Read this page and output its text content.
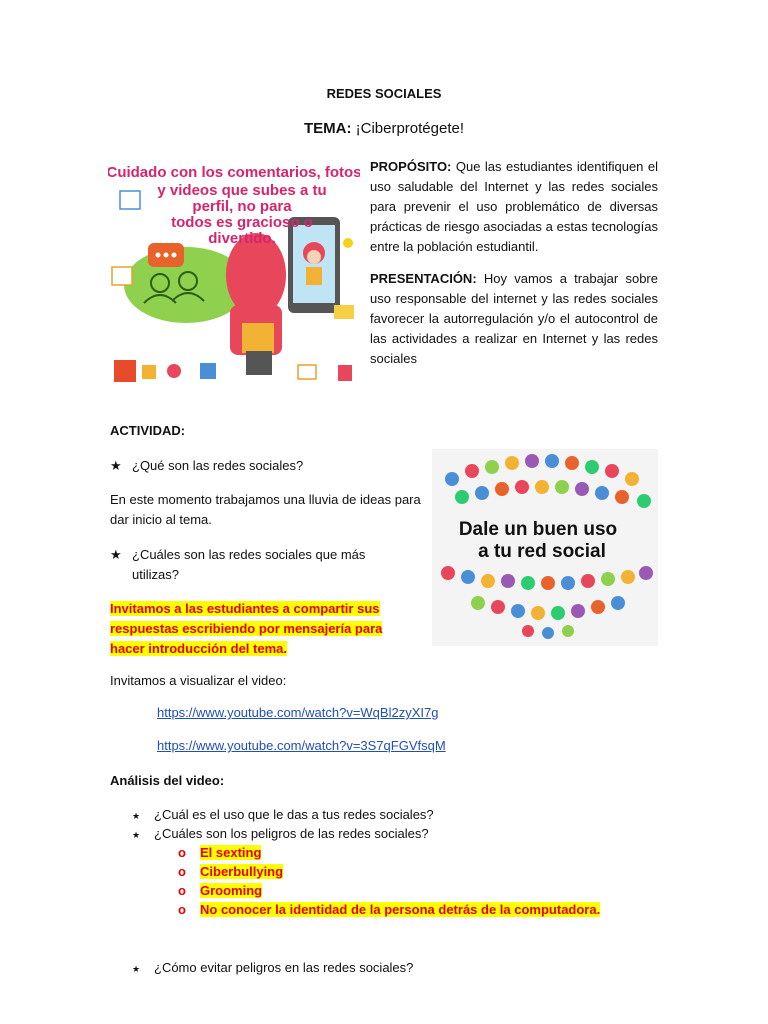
REDES SOCIALES
TEMA: ¡Ciberprotégete!
Cuidado con los comentarios, fotos
y videos que subes a tu
perfil, no para
todos es gracioso o
divertido.
PROPÓSITO: Que las estudiantes identifiquen el uso saludable del Internet y las redes sociales para prevenir el uso problemático de diversas prácticas de riesgo asociadas a estas tecnologías entre la población estudiantil.
PRESENTACIÓN: Hoy vamos a trabajar sobre uso responsable del internet y las redes sociales favorecer la autorregulación y/o el autocontrol de las actividades a realizar en Internet y las redes sociales
ACTIVIDAD:
★ ¿Qué son las redes sociales?
En este momento trabajamos una lluvia de ideas para dar inicio al tema.
★ ¿Cuáles son las redes sociales que más utilizas?
Invitamos a las estudiantes a compartir sus respuestas escribiendo por mensajería para hacer introducción del tema.
Dale un buen uso
a tu red social
Invitamos a visualizar el video:
https://www.youtube.com/watch?v=WqBl2zyXI7g
https://www.youtube.com/watch?v=3S7qFGVfsqM
Análisis del video:
★ ¿Cuál es el uso que le das a tus redes sociales?
★ ¿Cuáles son los peligros de las redes sociales?
o El sexting
o Ciberbullying
o Grooming
o No conocer la identidad de la persona detrás de la computadora.
★ ¿Cómo evitar peligros en las redes sociales?
